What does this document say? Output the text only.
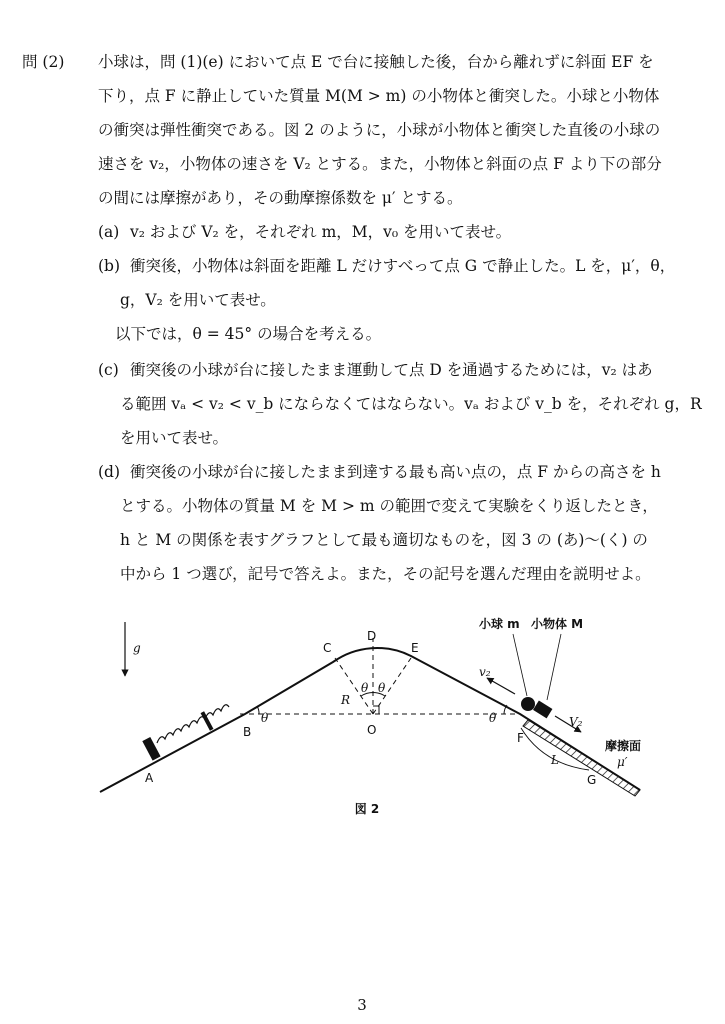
問 (2) 小球は，問 (1)(e) において点 E で台に接触した後，台から離れずに斜面 EF を
下り，点 F に静止していた質量 M(M > m) の小物体と衝突した。小球と小物体
の衝突は弾性衝突である。図 2 のように，小球が小物体と衝突した直後の小球の
速さを v₂，小物体の速さを V₂ とする。また，小物体と斜面の点 F より下の部分
の間には摩擦があり，その動摩擦係数を μ′ とする。
(a) v₂ および V₂ を，それぞれ m，M，v₀ を用いて表せ。
(b) 衝突後，小物体は斜面を距離 L だけすべって点 G で静止した。L を，μ′，θ，
g，V₂ を用いて表せ。
以下では，θ = 45° の場合を考える。
(c) 衝突後の小球が台に接したまま運動して点 D を通過するためには，v₂ はあ
る範囲 vₐ < v₂ < v_b にならなくてはならない。vₐ および v_b を，それぞれ g，R
を用いて表せ。
(d) 衝突後の小球が台に接したまま到達する最も高い点の，点 F からの高さを h
とする。小物体の質量 M を M > m の範囲で変えて実験をくり返したとき，
h と M の関係を表すグラフとして最も適切なものを，図 3 の (あ)〜(く) の
中から 1 つ選び，記号で答えよ。また，その記号を選んだ理由を説明せよ。
g
A
B
C
D
E
O
F
G
R
θ	θ
θ θ
L
v₂
V₂
小球 m 小物体 M
摩擦面
μ′
図 2
3
